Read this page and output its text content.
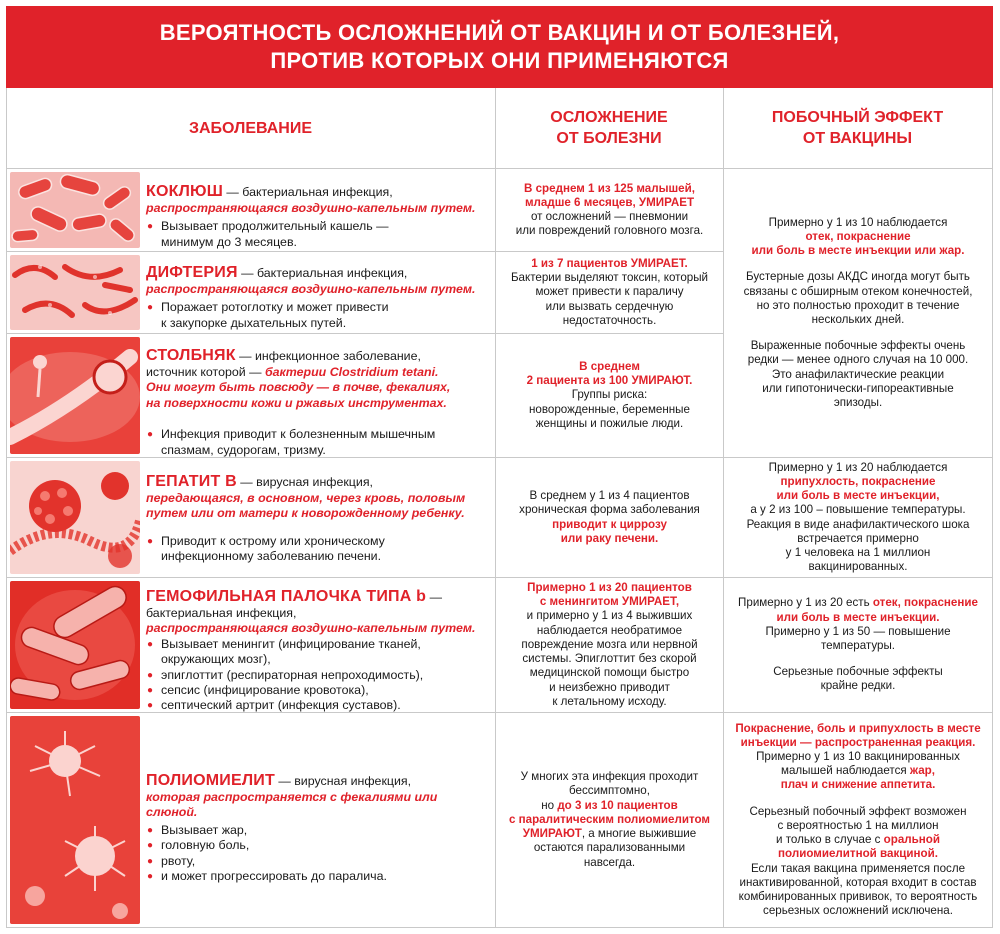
ВЕРОЯТНОСТЬ ОСЛОЖНЕНИЙ ОТ ВАКЦИН И ОТ БОЛЕЗНЕЙ,
ПРОТИВ КОТОРЫХ ОНИ ПРИМЕНЯЮТСЯ
ЗАБОЛЕВАНИЕ
ОСЛОЖНЕНИЕ
ОТ БОЛЕЗНИ
ПОБОЧНЫЙ ЭФФЕКТ
ОТ ВАКЦИНЫ
КОКЛЮШ — бактериальная инфекция,
распространяющаяся воздушно-капельным путем.
● Вызывает продолжительный кашель —
минимум до 3 месяцев.

В среднем 1 из 125 малышей,
младше 6 месяцев, УМИРАЕТ

от осложнений — пневмонии
или повреждений головного мозга.

ДИФТЕРИЯ — бактериальная инфекция,
распространяющаяся воздушно-капельным путем.
● Поражает ротоглотку и может привести
к закупорке дыхательных путей.

1 из 7 пациентов УМИРАЕТ.

Бактерии выделяют токсин, который
может привести к параличу
или вызвать сердечную
недостаточность.

Примерно у 1 из 10 наблюдается

отек, покраснение
или боль в месте инъекции или жар.

Бустерные дозы АКДС иногда могут быть
связаны с обширным отеком конечностей,
но это полностью проходит в течение
нескольких дней.

Выраженные побочные эффекты очень
редки — менее одного случая на 10 000.
Это анафилактические реакции
или гипотонически-гипореактивные
эпизоды.

СТОЛБНЯК — инфекционное заболевание,
источник которой — бактерии Clostridium tetani.
Они могут быть повсюду — в почве, фекалиях,
на поверхности кожи и ржавых инструментах.
● Инфекция приводит к болезненным мышечным
спазмам, судорогам, тризму.

В среднем
2 пациента из 100 УМИРАЮТ.

Группы риска:
новорожденные, беременные
женщины и пожилые люди.

ГЕПАТИТ В — вирусная инфекция,
передающаяся, в основном, через кровь, половым
путем или от матери к новорожденному ребенку.
● Приводит к острому или хроническому
инфекционному заболеванию печени.

В среднем у 1 из 4 пациентов
хроническая форма заболевания

приводит к циррозу
или раку печени.

Примерно у 1 из 20 наблюдается

припухлость, покраснение
или боль в месте инъекции,

а у 2 из 100 – повышение температуры.
Реакция в виде анафилактического шока
встречается примерно
у 1 человека на 1 миллион
вакцинированных.

ГЕМОФИЛЬНАЯ ПАЛОЧКА ТИПА b —
бактериальная инфекция,
распространяющаяся воздушно-капельным путем.
● Вызывает менингит (инфицирование тканей,
окружающих мозг),
● эпиглоттит (респираторная непроходимость),
● сепсис (инфицирование кровотока),
● септический артрит (инфекция суставов).

Примерно 1 из 20 пациентов
с менингитом УМИРАЕТ,

и примерно у 1 из 4 выживших
наблюдается необратимое
повреждение мозга или нервной
системы. Эпиглоттит без скорой
медицинской помощи быстро
и неизбежно приводит
к летальному исходу.

Примерно у 1 из 20 есть отек, покраснение
или боль в месте инъекции.

Примерно у 1 из 50 — повышение
температуры.

Серьезные побочные эффекты
крайне редки.

ПОЛИОМИЕЛИТ — вирусная инфекция,
которая распространяется с фекалиями или слюной.
● Вызывает жар,
● головную боль,
● рвоту,
● и может прогрессировать до паралича.

У многих эта инфекция проходит
бессимптомно,

но до 3 из 10 пациентов
с паралитическим полиомиелитом
УМИРАЮТ, а многие выжившие
остаются парализованными
навсегда.

Покраснение, боль и припухлость в месте
инъекции — распространенная реакция.

Примерно у 1 из 10 вакцинированных
малышей наблюдается жар,
плач и снижение аппетита.

Серьезный побочный эффект возможен
с вероятностью 1 на миллион
и только в случае с оральной
полиомиелитной вакциной.

Если такая вакцина применяется после
инактивированной, которая входит в состав
комбинированных прививок, то вероятность
серьезных осложнений исключена.
